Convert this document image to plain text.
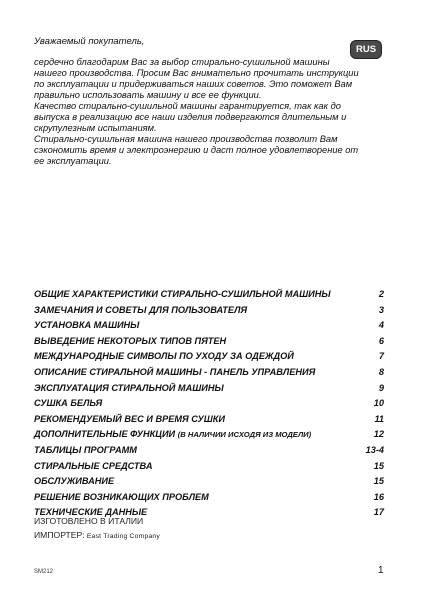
Уважаемый покупатель,
RUS

сердечно благодарим Вас за выбор стирально-сушильной машины

нашего производства. Просим Вас внимательно прочитать инструкции

по эксплуатации и придерживаться наших советов. Это поможет Вам

правильно использовать машину и все ее функции.

Качество стирально-сушильной машины гарантируется, так как до

выпуска в реализацию все наши изделия подвергаются длительным и

скрупулезным испытаниям.

Стирально-сушильная машина нашего производства позволит Вам

сэкономить время и электроэнергию и даст полное удовлетворение от

ее эксплуатации.

ОБЩИЕ ХАРАКТЕРИСТИКИ СТИРАЛЬНО-СУШИЛЬНОЙ МАШИНЫ	2
ЗАМЕЧАНИЯ И СОВЕТЫ ДЛЯ ПОЛЬЗОВАТЕЛЯ	3
УСТАНОВКА МАШИНЫ	4
ВЫВЕДЕНИЕ НЕКОТОРЫХ ТИПОВ ПЯТЕН	6
МЕЖДУНАРОДНЫЕ СИМВОЛЫ ПО УХОДУ ЗА ОДЕЖДОЙ	7
ОПИСАНИЕ СТИРАЛЬНОЙ МАШИНЫ - ПАНЕЛЬ УПРАВЛЕНИЯ	8
ЭКСПЛУАТАЦИЯ СТИРАЛЬНОЙ МАШИНЫ	9
СУШКА БЕЛЬЯ	10
РЕКОМЕНДУЕМЫЙ ВЕС И ВРЕМЯ СУШКИ	11
ДОПОЛНИТЕЛЬНЫЕ ФУНКЦИИ (В НАЛИЧИИ ИСХОДЯ ИЗ МОДЕЛИ)	12
ТАБЛИЦЫ ПРОГРАММ	13-4
СТИРАЛЬНЫЕ СРЕДСТВА	15
ОБСЛУЖИВАНИЕ	15
РЕШЕНИЕ ВОЗНИКАЮЩИХ ПРОБЛЕМ	16
ТЕХНИЧЕСКИЕ ДАННЫЕ	17
ИЗГОТОВЛЕНО В ИТАЛИИ
ИМПОРТЕР: East Trading Company
SM212	1
